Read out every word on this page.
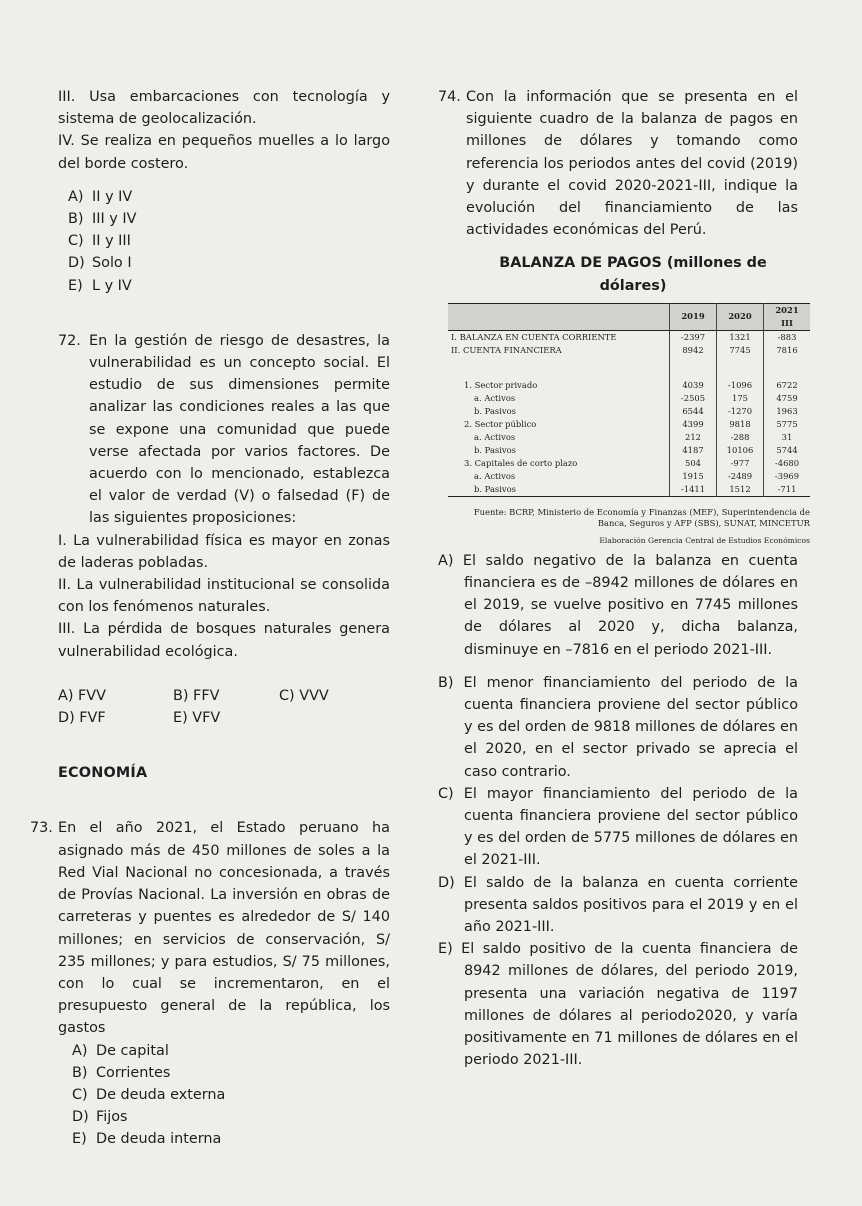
III. Usa embarcaciones con tecnología y sistema de geolocalización.

IV. Se realiza en pequeños muelles a lo largo del borde costero.

A) II y IV
B) III y IV
C) II y III
D) Solo I
E) L y IV

72. En la gestión de riesgo de desastres, la vulnerabilidad es un concepto social. El estudio de sus dimensiones permite analizar las condiciones reales a las que se expone una comunidad que puede verse afectada por varios factores. De acuerdo con lo mencionado, establezca el valor de verdad (V) o falsedad (F) de las siguientes proposiciones:

I. La vulnerabilidad física es mayor en zonas de laderas pobladas.

II. La vulnerabilidad institucional se consolida con los fenómenos naturales.

III. La pérdida de bosques naturales genera vulnerabilidad ecológica.

A) FVV	B) FFV	C) VVV
D) FVF	E) VFV

ECONOMÍA

73. En el año 2021, el Estado peruano ha asignado más de 450 millones de soles a la Red Vial Nacional no concesionada, a través de Provías Nacional. La inversión en obras de carreteras y puentes es alrededor de S/ 140 millones; en servicios de conservación, S/ 235 millones; y para estudios, S/ 75 millones, con lo cual se incrementaron, en el presupuesto general de la república, los gastos

A) De capital
B) Corrientes
C) De deuda externa
D) Fijos
E) De deuda interna

74. Con la información que se presenta en el siguiente cuadro de la balanza de pagos en millones de dólares y tomando como referencia los periodos antes del covid (2019) y durante el covid 2020-2021-III, indique la evolución del financiamiento de las actividades económicas del Perú.

BALANZA DE PAGOS (millones de dólares)

	2019	2020	2021
III
I. BALANZA EN CUENTA CORRIENTE	-2397	1321	-883
II. CUENTA FINANCIERA	8942	7745	7816

1. Sector privado	4039	-1096	6722
a. Activos	-2505	175	4759
b. Pasivos	6544	-1270	1963
2. Sector público	4399	9818	5775
a. Activos	212	-288	31
b. Pasivos	4187	10106	5744
3. Capitales de corto plazo	504	-977	-4680
a. Activos	1915	-2489	-3969
b. Pasivos	-1411	1512	-711

Fuente: BCRP, Ministerio de Economía y Finanzas (MEF), Superintendencia de

Banca, Seguros y AFP (SBS), SUNAT, MINCETUR

Elaboración Gerencia Central de Estudios Económicos

A) El saldo negativo de la balanza en cuenta financiera es de –8942 millones de dólares en el 2019, se vuelve positivo en 7745 millones de dólares al 2020 y, dicha balanza, disminuye en –7816 en el periodo 2021-III.

B) El menor financiamiento del periodo de la cuenta financiera proviene del sector público y es del orden de 9818 millones de dólares en el 2020, en el sector privado se aprecia el caso contrario.

C) El mayor financiamiento del periodo de la cuenta financiera proviene del sector público y es del orden de 5775 millones de dólares en el 2021-III.

D) El saldo de la balanza en cuenta corriente presenta saldos positivos para el 2019 y en el año 2021-III.

E) El saldo positivo de la cuenta financiera de 8942 millones de dólares, del periodo 2019, presenta una variación negativa de 1197 millones de dólares al periodo2020, y varía positivamente en 71 millones de dólares en el periodo 2021-III.
